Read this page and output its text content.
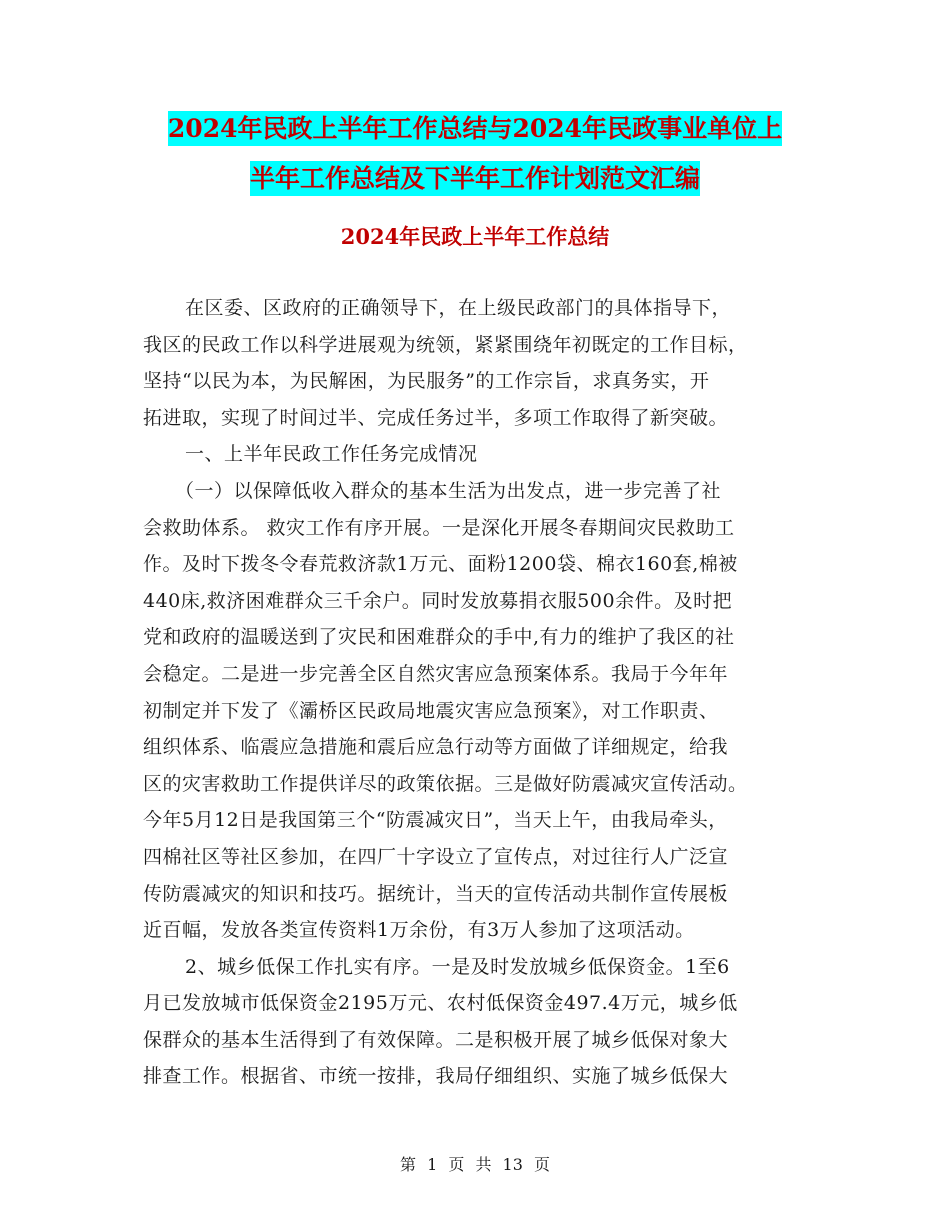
2024年民政上半年工作总结与2024年民政事业单位上
半年工作总结及下半年工作计划范文汇编
2024年民政上半年工作总结
在区委、区政府的正确领导下，在上级民政部门的具体指导下，
我区的民政工作以科学进展观为统领，紧紧围绕年初既定的工作目标，
坚持“以民为本，为民解困，为民服务”的工作宗旨，求真务实，开
拓进取，实现了时间过半、完成任务过半，多项工作取得了新突破。
一、上半年民政工作任务完成情况
（一）以保障低收入群众的基本生活为出发点，进一步完善了社
会救助体系。 救灾工作有序开展。一是深化开展冬春期间灾民救助工
作。及时下拨冬令春荒救济款1万元、面粉1200袋、棉衣160套,棉被
440床,救济困难群众三千余户。同时发放募捐衣服500余件。及时把
党和政府的温暖送到了灾民和困难群众的手中,有力的维护了我区的社
会稳定。二是进一步完善全区自然灾害应急预案体系。我局于今年年
初制定并下发了《灞桥区民政局地震灾害应急预案》，对工作职责、
组织体系、临震应急措施和震后应急行动等方面做了详细规定，给我
区的灾害救助工作提供详尽的政策依据。三是做好防震减灾宣传活动。
今年5月12日是我国第三个“防震减灾日”，当天上午，由我局牵头，
四棉社区等社区参加，在四厂十字设立了宣传点，对过往行人广泛宣
传防震减灾的知识和技巧。据统计，当天的宣传活动共制作宣传展板
近百幅，发放各类宣传资料1万余份，有3万人参加了这项活动。
2、城乡低保工作扎实有序。一是及时发放城乡低保资金。1至6
月已发放城市低保资金2195万元、农村低保资金497.4万元，城乡低
保群众的基本生活得到了有效保障。二是积极开展了城乡低保对象大
排查工作。根据省、市统一按排，我局仔细组织、实施了城乡低保大
第 1 页 共 13 页
